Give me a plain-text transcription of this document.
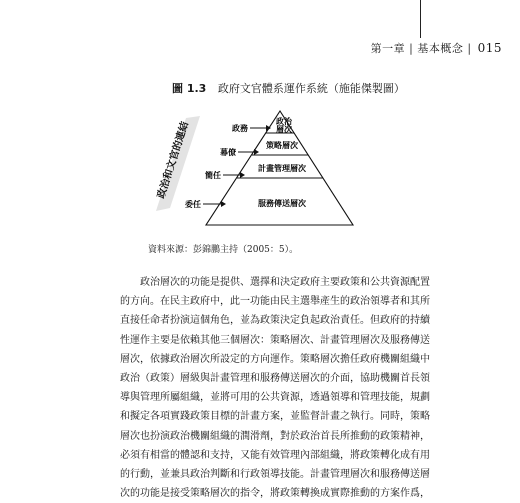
第一章 | 基本概念 | 015
圖 1.3 政府文官體系運作系統（施能傑製圖）
政治和文官的連結	政治
層次
策略層次
計畫管理層次
服務傳送層次
政務
幕僚
簡任
委任
資料來源：彭錦鵬主持（2005：5）。
政治層次的功能是提供、選擇和決定政府主要政策和公共資源配置
的方向。在民主政府中，此一功能由民主選舉產生的政治領導者和其所
直接任命者扮演這個角色，並為政策決定負起政治責任。但政府的持續
性運作主要是依賴其他三個層次：策略層次、計畫管理層次及服務傳送
層次，依據政治層次所設定的方向運作。策略層次擔任政府機關組織中
政治（政策）層級與計畫管理和服務傳送層次的介面，協助機關首長領
導與管理所屬組織，並將可用的公共資源，透過領導和管理技能，規劃
和擬定各項實踐政策目標的計畫方案，並監督計畫之執行。同時，策略
層次也扮演政治機關組織的潤滑劑，對於政治首長所推動的政策精神，
必須有相當的體認和支持，又能有效管理內部組織，將政策轉化成有用
的行動，並兼具政治判斷和行政領導技能。計畫管理層次和服務傳送層
次的功能是接受策略層次的指令，將政策轉換成實際推動的方案作爲，
